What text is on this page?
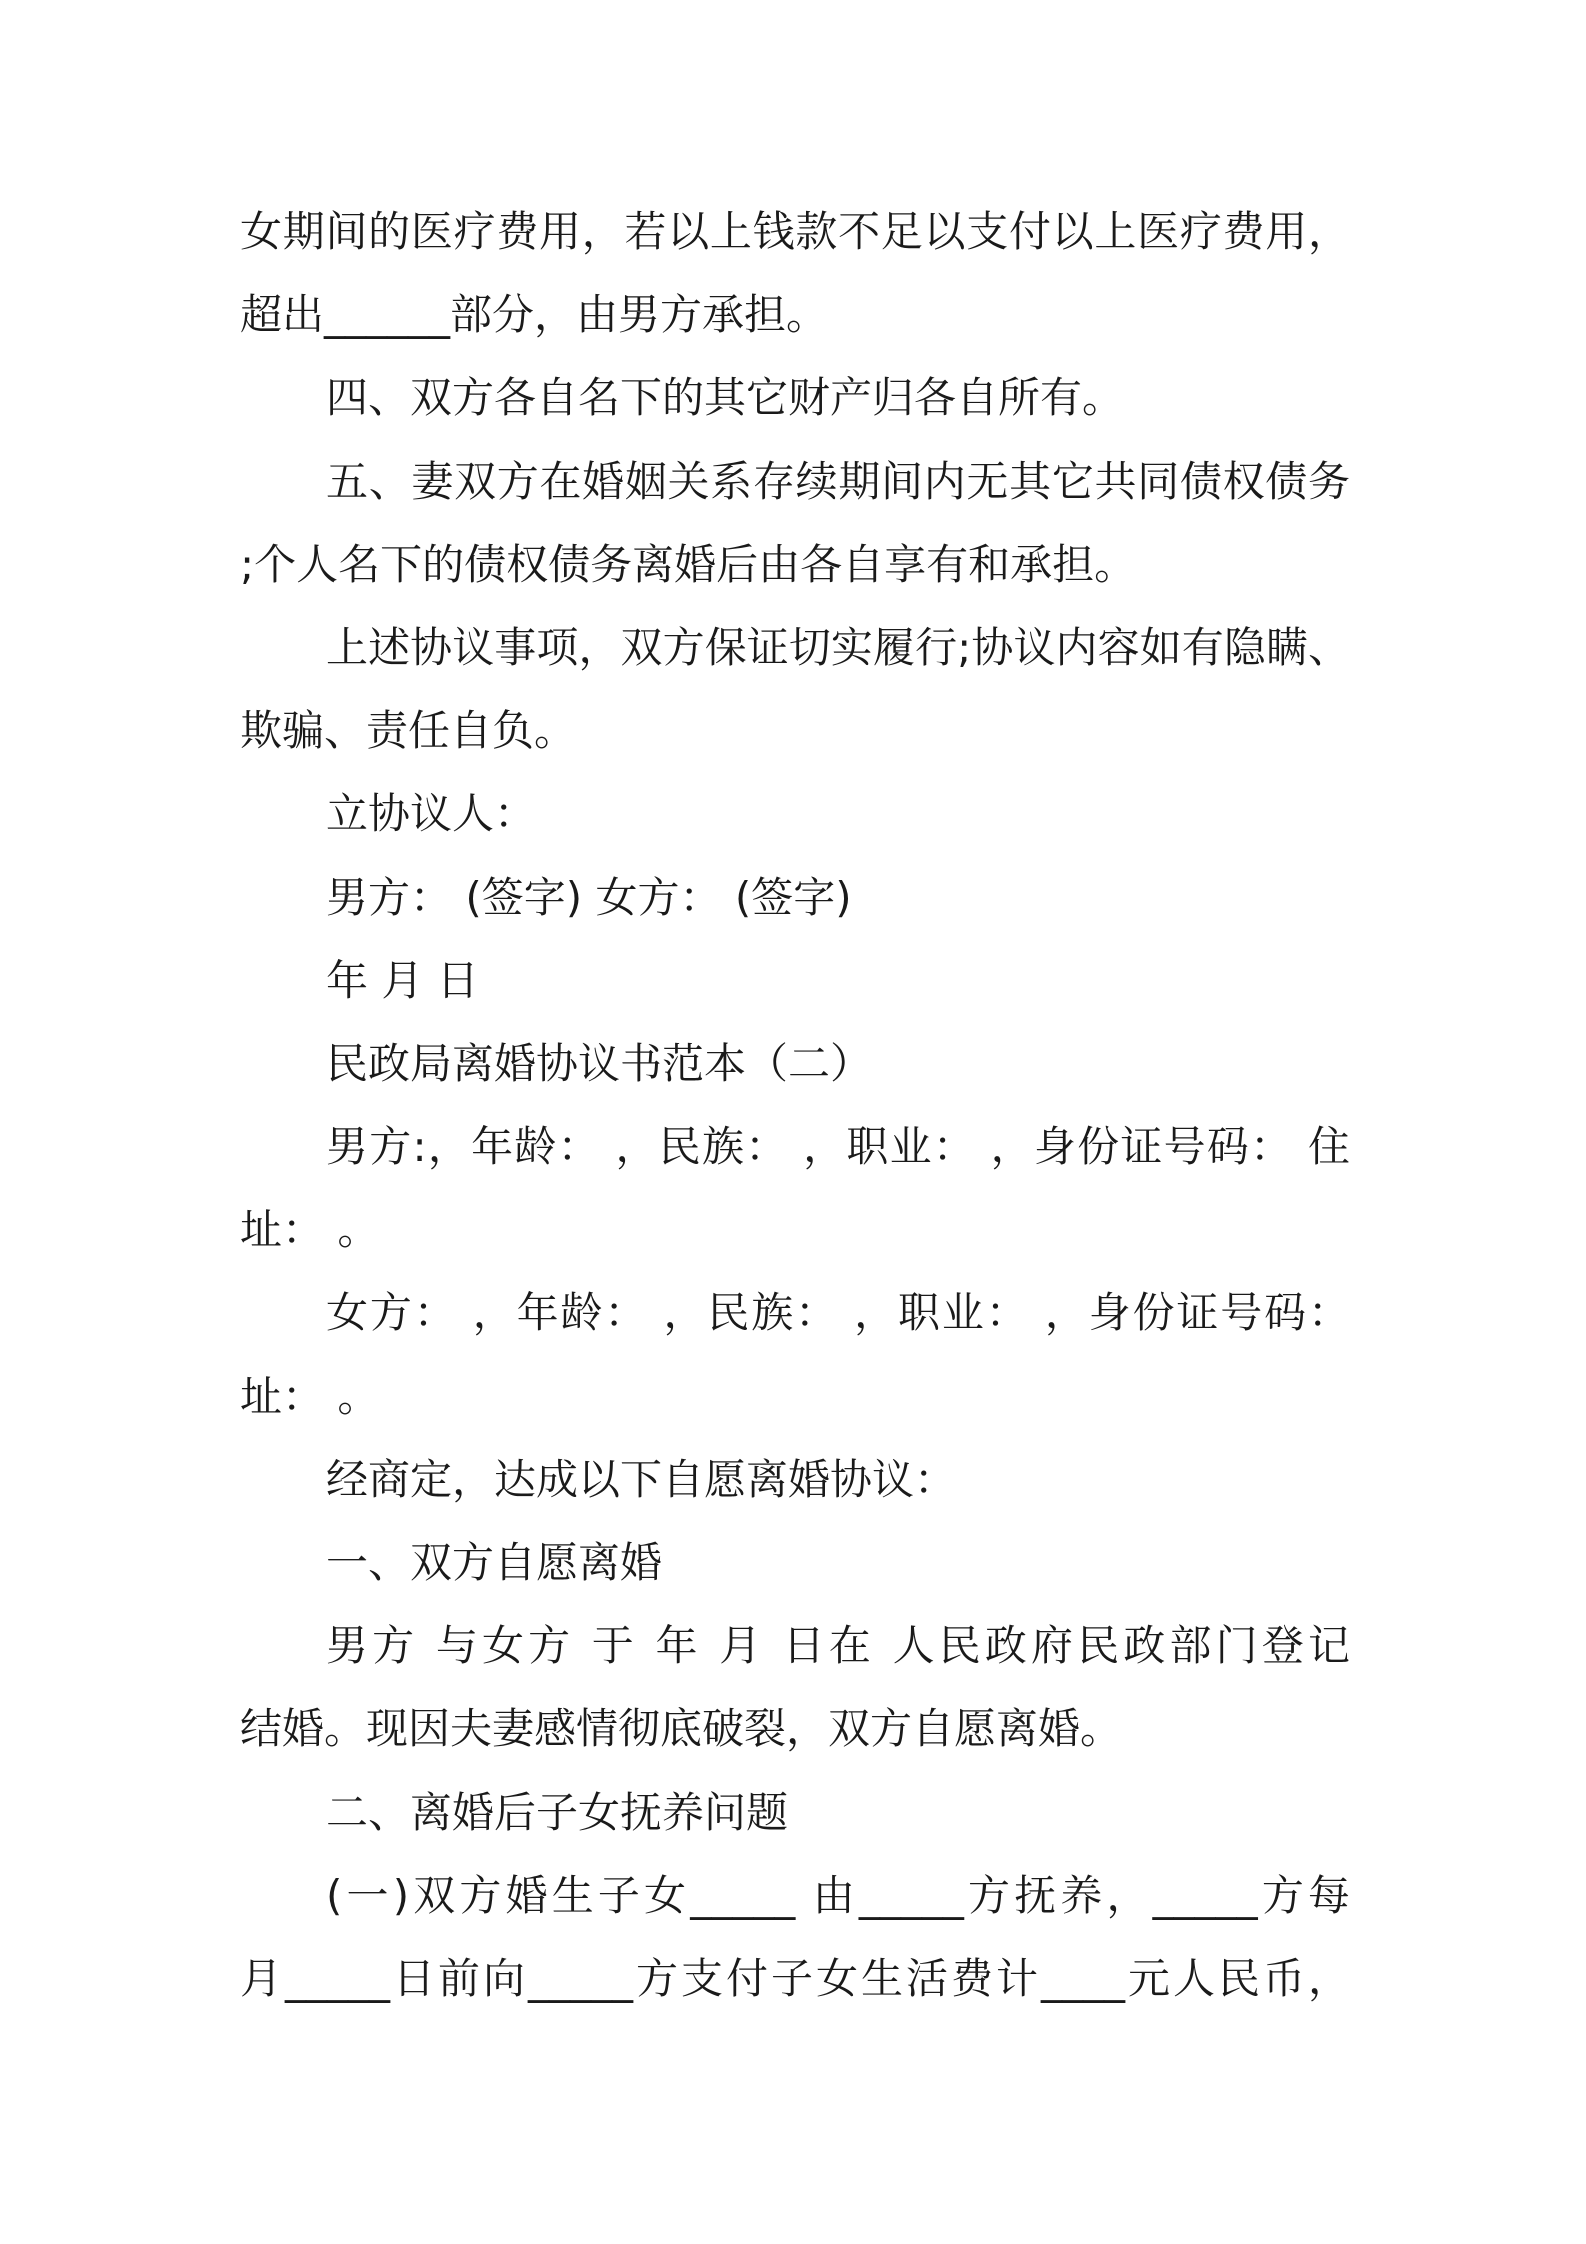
女期间的医疗费用，若以上钱款不足以支付以上医疗费用，
超出______部分，由男方承担。
四、双方各自名下的其它财产归各自所有。
五、妻双方在婚姻关系存续期间内无其它共同债权债务
;个人名下的债权债务离婚后由各自享有和承担。
上述协议事项，双方保证切实履行;协议内容如有隐瞒、
欺骗、责任自负。
立协议人：
男方： (签字) 女方： (签字)
年 月 日
民政局离婚协议书范本（二）
男方:，年龄： ，民族： ，职业： ，身份证号码： 住
址： 。
女方： ，年龄： ，民族： ，职业： ，身份证号码：
址： 。
经商定，达成以下自愿离婚协议：
一、双方自愿离婚
男方 与女方 于 年 月 日在 人民政府民政部门登记
结婚。现因夫妻感情彻底破裂，双方自愿离婚。
二、离婚后子女抚养问题
(一)双方婚生子女_____ 由_____方抚养，_____方每
月_____日前向_____方支付子女生活费计____元人民币，
